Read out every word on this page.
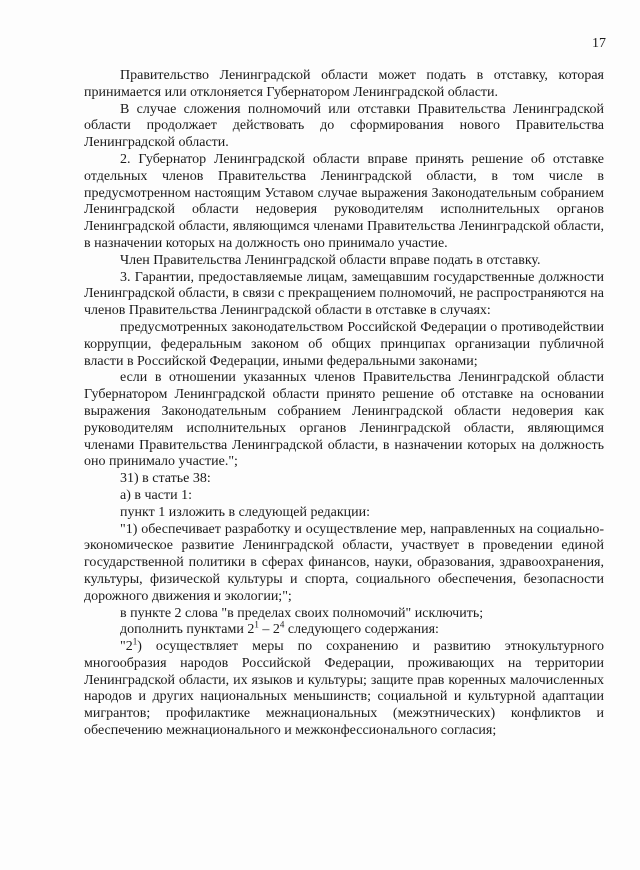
17

Правительство Ленинградской области может подать в отставку, которая принимается или отклоняется Губернатором Ленинградской области.

В случае сложения полномочий или отставки Правительства Ленинградской области продолжает действовать до сформирования нового Правительства Ленинградской области.

2. Губернатор Ленинградской области вправе принять решение об отставке отдельных членов Правительства Ленинградской области, в том числе в предусмотренном настоящим Уставом случае выражения Законодательным собранием Ленинградской области недоверия руководителям исполнительных органов Ленинградской области, являющимся членами Правительства Ленинградской области, в назначении которых на должность оно принимало участие.

Член Правительства Ленинградской области вправе подать в отставку.

3. Гарантии, предоставляемые лицам, замещавшим государственные должности Ленинградской области, в связи с прекращением полномочий, не распространяются на членов Правительства Ленинградской области в отставке в случаях:

предусмотренных законодательством Российской Федерации о противодействии коррупции, федеральным законом об общих принципах организации публичной власти в Российской Федерации, иными федеральными законами;

если в отношении указанных членов Правительства Ленинградской области Губернатором Ленинградской области принято решение об отставке на основании выражения Законодательным собранием Ленинградской области недоверия как руководителям исполнительных органов Ленинградской области, являющимся членами Правительства Ленинградской области, в назначении которых на должность оно принимало участие.";

31) в статье 38:

а) в части 1:

пункт 1 изложить в следующей редакции:

"1) обеспечивает разработку и осуществление мер, направленных на социально-экономическое развитие Ленинградской области, участвует в проведении единой государственной политики в сферах финансов, науки, образования, здравоохранения, культуры, физической культуры и спорта, социального обеспечения, безопасности дорожного движения и экологии;";

в пункте 2 слова "в пределах своих полномочий" исключить;

дополнить пунктами $2^1 - 2^4$ следующего содержания:

"$2^1$) осуществляет меры по сохранению и развитию этнокультурного многообразия народов Российской Федерации, проживающих на территории Ленинградской области, их языков и культуры; защите прав коренных малочисленных народов и других национальных меньшинств; социальной и культурной адаптации мигрантов; профилактике межнациональных (межэтнических) конфликтов и обеспечению межнационального и межконфессионального согласия;
